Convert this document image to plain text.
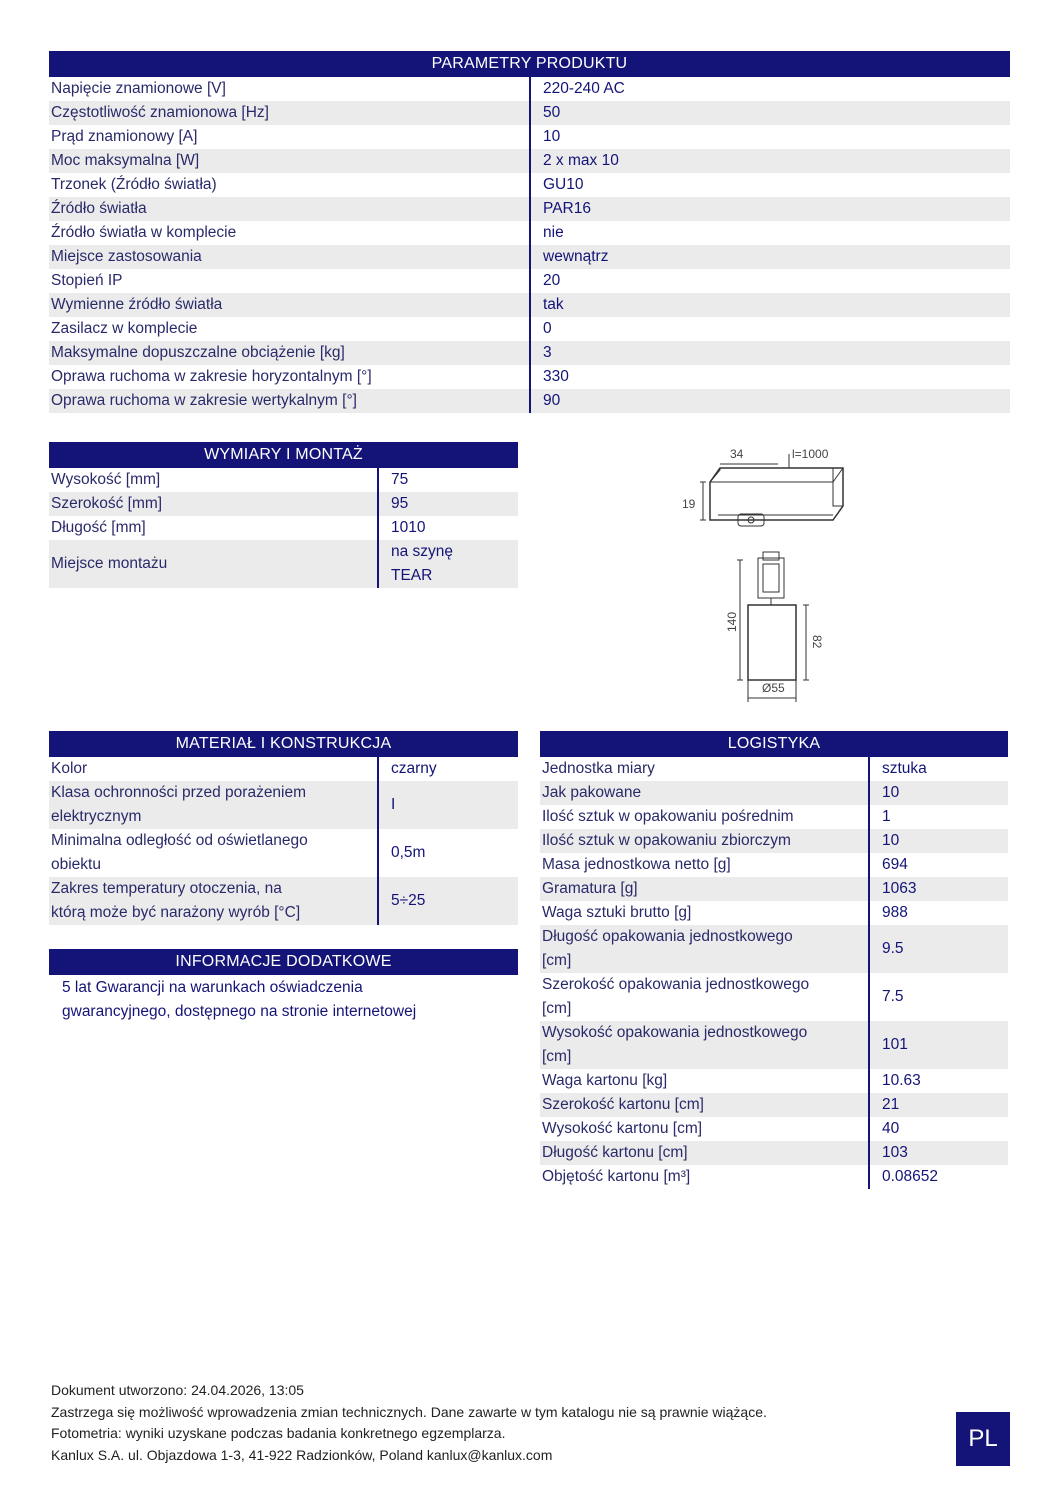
PARAMETRY PRODUKTU	
Napięcie znamionowe [V]	220-240 AC
Częstotliwość znamionowa [Hz]	50
Prąd znamionowy [A]	10
Moc maksymalna [W]	2 x max 10
Trzonek (Źródło światła)	GU10
Źródło światła	PAR16
Źródło światła w komplecie	nie
Miejsce zastosowania	wewnątrz
Stopień IP	20
Wymienne źródło światła	tak
Zasilacz w komplecie	0
Maksymalne dopuszczalne obciążenie [kg]	3
Oprawa ruchoma w zakresie horyzontalnym [°]	330
Oprawa ruchoma w zakresie wertykalnym [°]	90
WYMIARY I MONTAŻ	
Wysokość [mm]	75
Szerokość [mm]	95
Długość [mm]	1010
Miejsce montażu	na szynę
TEAR
34	l=1000
19
140
82
Ø55
MATERIAŁ I KONSTRUKCJA	
Kolor	czarny
Klasa ochronności przed porażeniem
elektrycznym	I
Minimalna odległość od oświetlanego
obiektu	0,5m
Zakres temperatury otoczenia, na
którą może być narażony wyrób [°C]	5÷25
INFORMACJE DODATKOWE
5 lat Gwarancji na warunkach oświadczenia
gwarancyjnego, dostępnego na stronie internetowej
LOGISTYKA	
Jednostka miary	sztuka
Jak pakowane	10
Ilość sztuk w opakowaniu pośrednim	1
Ilość sztuk w opakowaniu zbiorczym	10
Masa jednostkowa netto [g]	694
Gramatura [g]	1063
Waga sztuki brutto [g]	988
Długość opakowania jednostkowego
[cm]	9.5
Szerokość opakowania jednostkowego
[cm]	7.5
Wysokość opakowania jednostkowego
[cm]	101
Waga kartonu [kg]	10.63
Szerokość kartonu [cm]	21
Wysokość kartonu [cm]	40
Długość kartonu [cm]	103
Objętość kartonu [m³]	0.08652
Dokument utworzono: 24.04.2026, 13:05
Zastrzega się możliwość wprowadzenia zmian technicznych. Dane zawarte w tym katalogu nie są prawnie wiążące.
Fotometria: wyniki uzyskane podczas badania konkretnego egzemplarza.
Kanlux S.A. ul. Objazdowa 1-3, 41-922 Radzionków, Poland kanlux@kanlux.com
PL
